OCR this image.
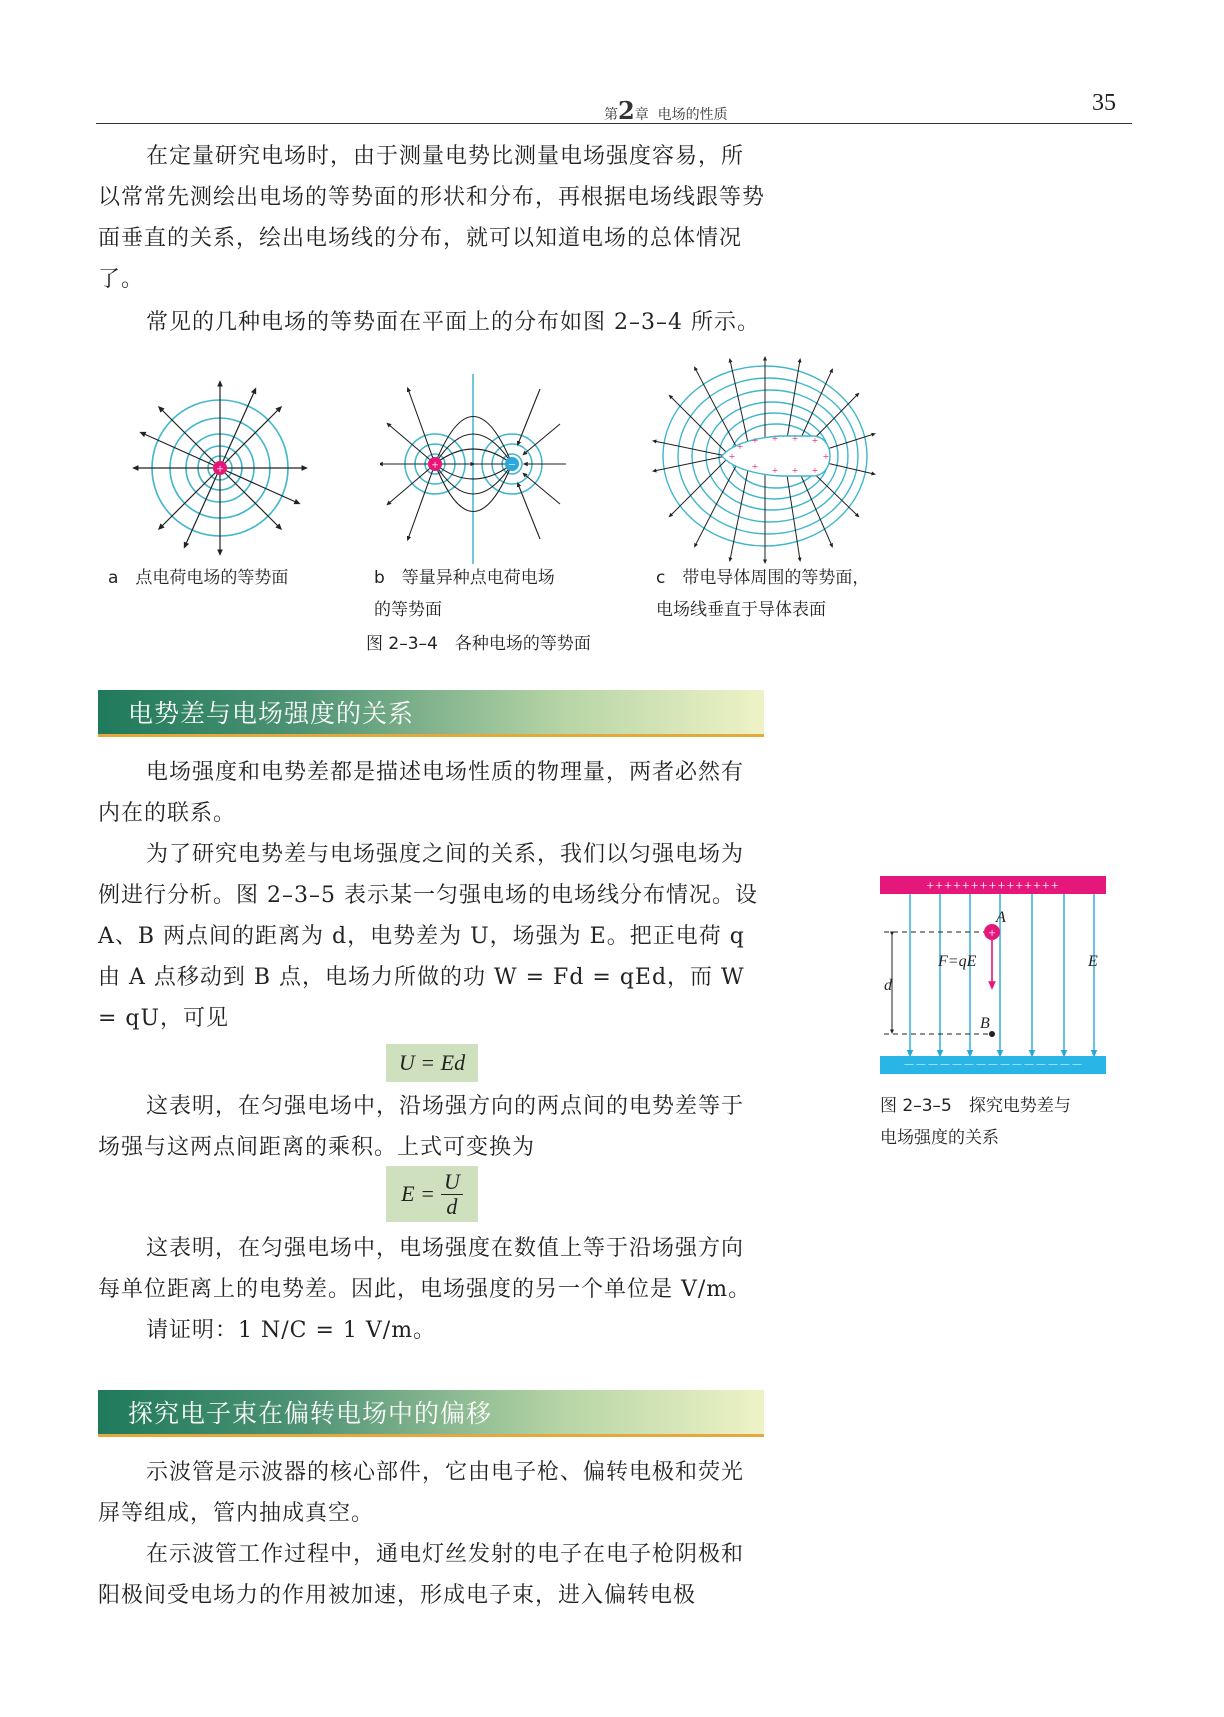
第2章 电场的性质	35
在定量研究电场时，由于测量电势比测量电场强度容易，所以常常先测绘出电场的等势面的形状和分布，再根据电场线跟等势面垂直的关系，绘出电场线的分布，就可以知道电场的总体情况了。
常见的几种电场的等势面在平面上的分布如图 2–3–4 所示。
+	+	−
+ + + + +
+
+
+
+
+
+
a　点电荷电场的等势面	b　等量异种点电荷电场
的等势面
c　带电导体周围的等势面，
电场线垂直于导体表面
图 2–3–4　各种电场的等势面
电势差与电场强度的关系
电场强度和电势差都是描述电场性质的物理量，两者必然有内在的联系。
为了研究电势差与电场强度之间的关系，我们以匀强电场为例进行分析。图 2–3–5 表示某一匀强电场的电场线分布情况。设 A、B 两点间的距离为 d，电势差为 U，场强为 E。把正电荷 q 由 A 点移动到 B 点，电场力所做的功 W = Fd = qEd，而 W = qU，可见
U = Ed
这表明，在匀强电场中，沿场强方向的两点间的电势差等于场强与这两点间距离的乘积。上式可变换为
$E = \frac{U}{d}$
这表明，在匀强电场中，电场强度在数值上等于沿场强方向每单位距离上的电势差。因此，电场强度的另一个单位是 V/m。
请证明：1 N/C = 1 V/m。
探究电子束在偏转电场中的偏移
示波管是示波器的核心部件，它由电子枪、偏转电极和荧光屏等组成，管内抽成真空。
在示波管工作过程中，通电灯丝发射的电子在电子枪阴极和阳极间受电场力的作用被加速，形成电子束，进入偏转电极
+++++++++++++++
－－－－－－－－－－－－－－－
d
A
B
E
F=qE
+
图 2–3–5　探究电势差与
电场强度的关系
